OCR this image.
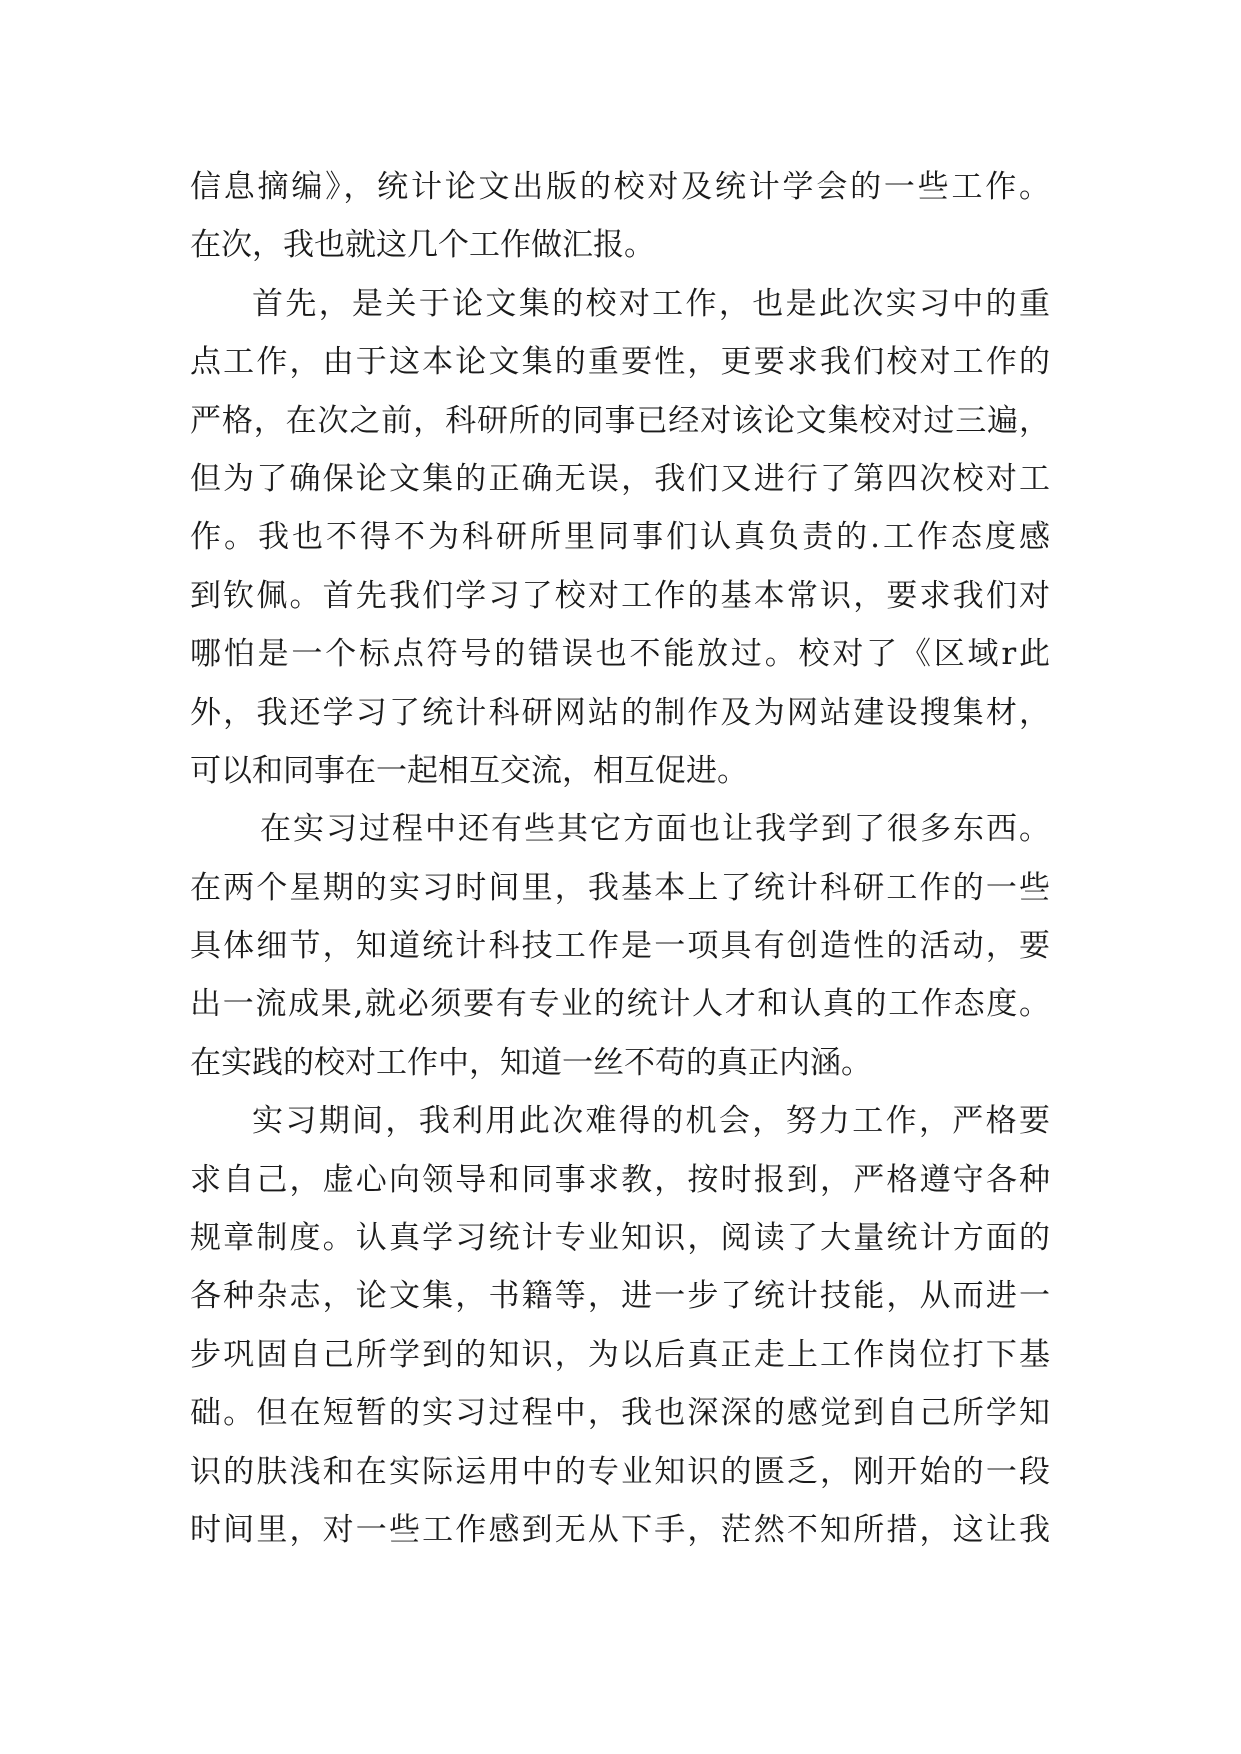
信息摘编》，统计论文出版的校对及统计学会的一些工作。
在次，我也就这几个工作做汇报。
首先，是关于论文集的校对工作，也是此次实习中的重
点工作，由于这本论文集的重要性，更要求我们校对工作的
严格，在次之前，科研所的同事已经对该论文集校对过三遍，
但为了确保论文集的正确无误，我们又进行了第四次校对工
作。我也不得不为科研所里同事们认真负责的.工作态度感
到钦佩。首先我们学习了校对工作的基本常识，要求我们对
哪怕是一个标点符号的错误也不能放过。校对了《区域r此
外，我还学习了统计科研网站的制作及为网站建设搜集材，
可以和同事在一起相互交流，相互促进。
在实习过程中还有些其它方面也让我学到了很多东西。
在两个星期的实习时间里，我基本上了统计科研工作的一些
具体细节，知道统计科技工作是一项具有创造性的活动，要
出一流成果,就必须要有专业的统计人才和认真的工作态度。
在实践的校对工作中，知道一丝不苟的真正内涵。
实习期间，我利用此次难得的机会，努力工作，严格要
求自己，虚心向领导和同事求教，按时报到，严格遵守各种
规章制度。认真学习统计专业知识，阅读了大量统计方面的
各种杂志，论文集，书籍等，进一步了统计技能，从而进一
步巩固自己所学到的知识，为以后真正走上工作岗位打下基
础。但在短暂的实习过程中，我也深深的感觉到自己所学知
识的肤浅和在实际运用中的专业知识的匮乏，刚开始的一段
时间里，对一些工作感到无从下手，茫然不知所措，这让我
